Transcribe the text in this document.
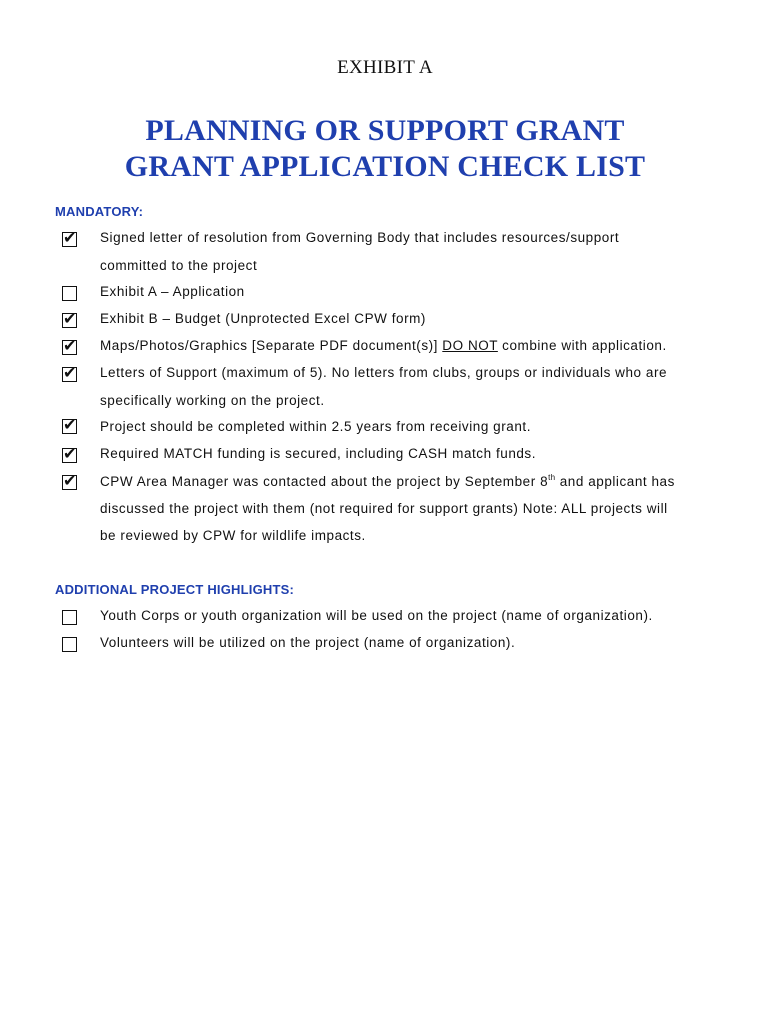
EXHIBIT A
PLANNING OR SUPPORT GRANT
GRANT APPLICATION CHECK LIST
MANDATORY:
✔ Signed letter of resolution from Governing Body that includes resources/support
committed to the project
Exhibit A – Application
✔ Exhibit B – Budget (Unprotected Excel CPW form)
✔ Maps/Photos/Graphics [Separate PDF document(s)] DO NOT combine with application.
✔ Letters of Support (maximum of 5). No letters from clubs, groups or individuals who are
specifically working on the project.
✔ Project should be completed within 2.5 years from receiving grant.
✔ Required MATCH funding is secured, including CASH match funds.
✔ CPW Area Manager was contacted about the project by September 8th and applicant has
discussed the project with them (not required for support grants) Note: ALL projects will
be reviewed by CPW for wildlife impacts.
ADDITIONAL PROJECT HIGHLIGHTS:
Youth Corps or youth organization will be used on the project (name of organization).
Volunteers will be utilized on the project (name of organization).
